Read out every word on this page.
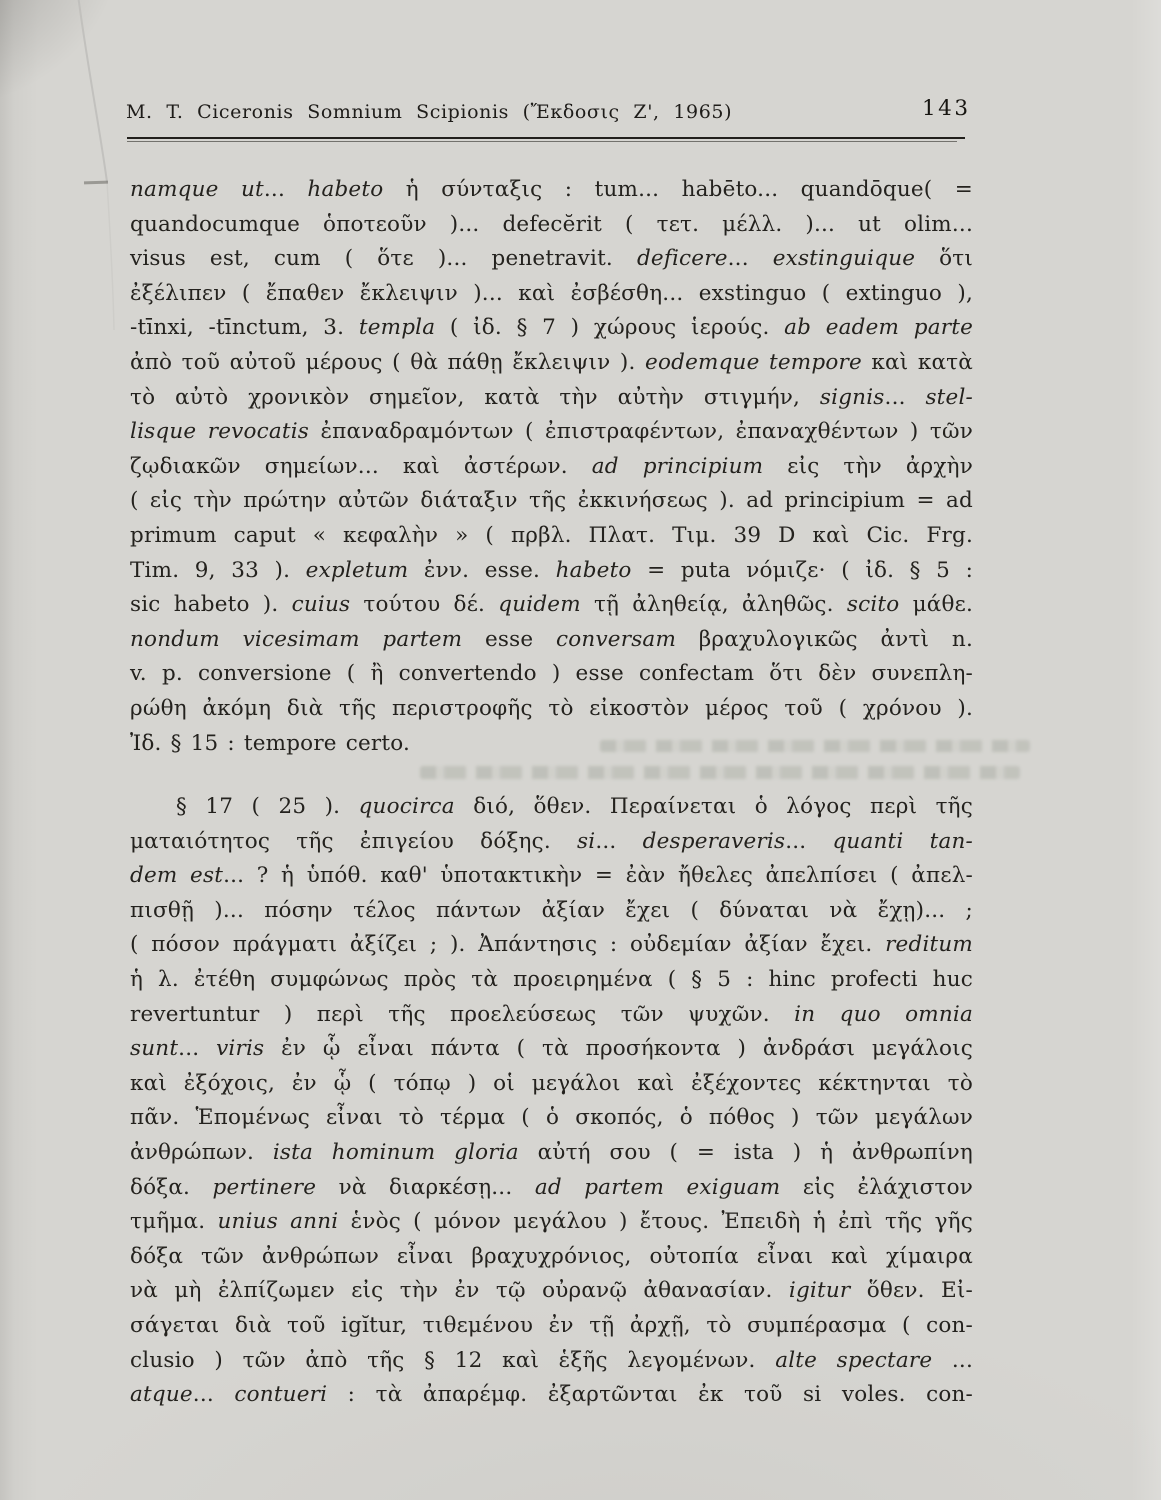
M. T. Ciceronis Somnium Scipionis (Ἔκδοσις Ζ', 1965)	143
namque ut... habeto ἡ σύνταξις : tum... habēto... quandōque( =
quandocumque ὁποτεοῦν )... defecĕrit ( τετ. μέλλ. )... ut olim...
visus est, cum ( ὅτε )... penetravit. deficere... exstinguique ὅτι
ἐξέλιπεν ( ἔπαθεν ἔκλειψιν )... καὶ ἐσβέσθη... exstinguo ( extinguo ),
-tīnxi, -tīnctum, 3. templa ( ἰδ. § 7 ) χώρους ἱερούς. ab eadem parte
ἀπὸ τοῦ αὐτοῦ μέρους ( θὰ πάθῃ ἔκλειψιν ). eodemque tempore καὶ κατὰ
τὸ αὐτὸ χρονικὸν σημεῖον, κατὰ τὴν αὐτὴν στιγμήν, signis... stel-
lisque revocatis ἐπαναδραμόντων ( ἐπιστραφέντων, ἐπαναχθέντων ) τῶν
ζῳδιακῶν σημείων... καὶ ἀστέρων. ad principium εἰς τὴν ἀρχὴν
( εἰς τὴν πρώτην αὐτῶν διάταξιν τῆς ἐκκινήσεως ). ad principium = ad
primum caput « κεφαλὴν » ( πρβλ. Πλατ. Τιμ. 39 D καὶ Cic. Frg.
Tim. 9, 33 ). expletum ἐνν. esse. habeto = puta νόμιζε· ( ἰδ. § 5 :
sic habeto ). cuius τούτου δέ. quidem τῇ ἀληθείᾳ, ἀληθῶς. scito μάθε.
nondum vicesimam partem esse conversam βραχυλογικῶς ἀντὶ n.
v. p. conversione ( ἢ convertendo ) esse confectam ὅτι δὲν συνεπλη-
ρώθη ἀκόμη διὰ τῆς περιστροφῆς τὸ εἰκοστὸν μέρος τοῦ ( χρόνου ).
Ἰδ. § 15 : tempore certo.
§ 17 ( 25 ). quocirca διό, ὅθεν. Περαίνεται ὁ λόγος περὶ τῆς
ματαιότητος τῆς ἐπιγείου δόξης. si... desperaveris... quanti tan-
dem est... ? ἡ ὑπόθ. καθ' ὑποτακτικὴν = ἐὰν ἤθελες ἀπελπίσει ( ἀπελ-
πισθῇ )... πόσην τέλος πάντων ἀξίαν ἔχει ( δύναται νὰ ἔχῃ)... ;
( πόσον πράγματι ἀξίζει ; ). Ἀπάντησις : οὐδεμίαν ἀξίαν ἔχει. reditum
ἡ λ. ἐτέθη συμφώνως πρὸς τὰ προειρημένα ( § 5 : hinc profecti huc
revertuntur ) περὶ τῆς προελεύσεως τῶν ψυχῶν. in quo omnia
sunt... viris ἐν ᾧ εἶναι πάντα ( τὰ προσήκοντα ) ἀνδράσι μεγάλοις
καὶ ἐξόχοις, ἐν ᾧ ( τόπῳ ) οἱ μεγάλοι καὶ ἐξέχοντες κέκτηνται τὸ
πᾶν. Ἑπομένως εἶναι τὸ τέρμα ( ὁ σκοπός, ὁ πόθος ) τῶν μεγάλων
ἀνθρώπων. ista hominum gloria αὐτή σου ( = ista ) ἡ ἀνθρωπίνη
δόξα. pertinere νὰ διαρκέσῃ... ad partem exiguam εἰς ἐλάχιστον
τμῆμα. unius anni ἑνὸς ( μόνον μεγάλου ) ἔτους. Ἐπειδὴ ἡ ἐπὶ τῆς γῆς
δόξα τῶν ἀνθρώπων εἶναι βραχυχρόνιος, οὐτοπία εἶναι καὶ χίμαιρα
νὰ μὴ ἐλπίζωμεν εἰς τὴν ἐν τῷ οὐρανῷ ἀθανασίαν. igitur ὅθεν. Εἰ-
σάγεται διὰ τοῦ igĭtur, τιθεμένου ἐν τῇ ἀρχῇ, τὸ συμπέρασμα ( con-
clusio ) τῶν ἀπὸ τῆς § 12 καὶ ἑξῆς λεγομένων. alte spectare ...
atque... contueri : τὰ ἀπαρέμφ. ἐξαρτῶνται ἐκ τοῦ si voles. con-
